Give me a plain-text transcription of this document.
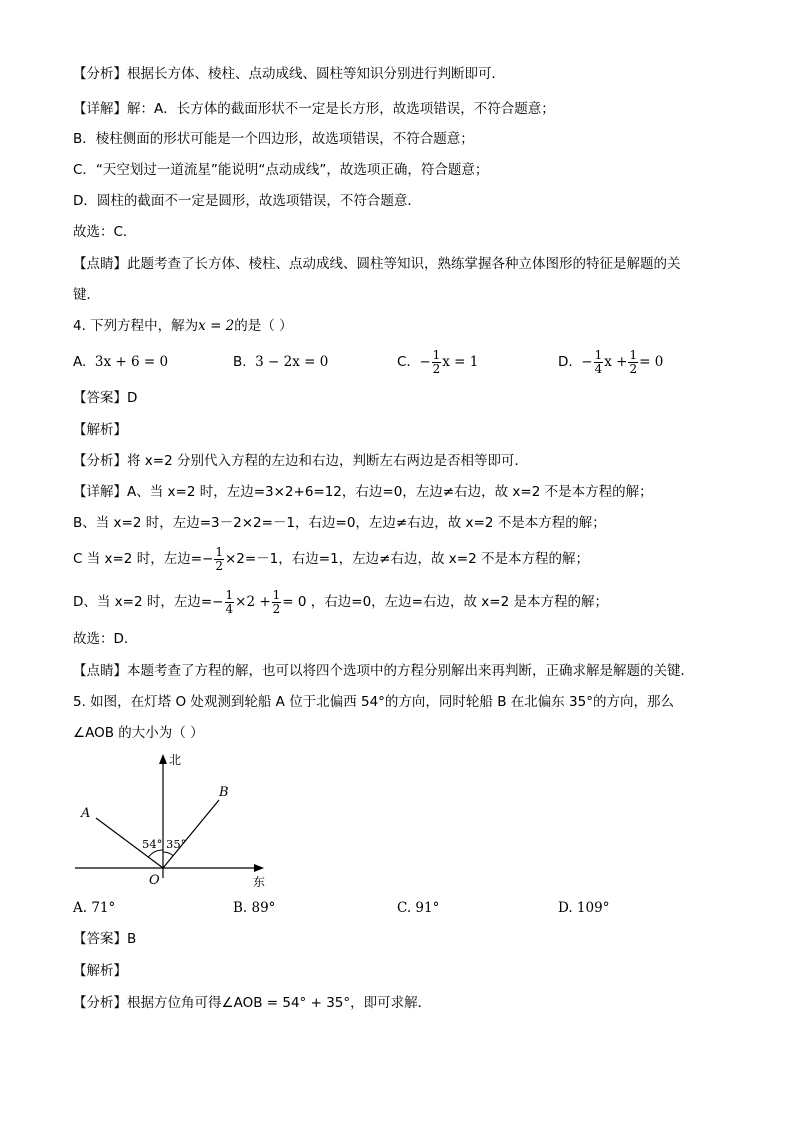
【分析】根据长方体、棱柱、点动成线、圆柱等知识分别进行判断即可．
【详解】解：A．长方体的截面形状不一定是长方形，故选项错误，不符合题意；
B．棱柱侧面的形状可能是一个四边形，故选项错误，不符合题意；
C．“天空划过一道流星”能说明“点动成线”，故选项正确，符合题意；
D．圆柱的截面不一定是圆形，故选项错误，不符合题意．
故选：C．
【点睛】此题考查了长方体、棱柱、点动成线、圆柱等知识，熟练掌握各种立体图形的特征是解题的关
键．
4. 下列方程中，解为x = 2的是（ ）
A. 3x + 6 = 0	B. 3 − 2x = 0	C. − $\frac{1}{2}$ x = 1	D. − $\frac{1}{4}$ $x + \frac{1}{2} = 0$
【答案】D
【解析】
【分析】将 x=2 分别代入方程的左边和右边，判断左右两边是否相等即可．
【详解】A、当 x=2 时，左边=3×2+6=12，右边=0，左边≠右边，故 x=2 不是本方程的解；
B、当 x=2 时，左边=3－2×2=－1，右边=0，左边≠右边，故 x=2 不是本方程的解；
C 当 x=2 时，左边=− $\frac{1}{2} \times 2=-1$，右边=1，左边≠右边，故 x=2 不是本方程的解；
D、当 x=2 时，左边=− $\frac{1}{4} \times 2 + \frac{1}{2} = 0$ ，右边=0，左边=右边，故 x=2 是本方程的解；
故选：D．
【点睛】本题考查了方程的解，也可以将四个选项中的方程分别解出来再判断，正确求解是解题的关键．
5. 如图，在灯塔 O 处观测到轮船 A 位于北偏西 54°的方向，同时轮船 B 在北偏东 35°的方向，那么
∠AOB 的大小为（ ）
北
东
A
B
O
54° 35°
A. 71°	B. 89°	C. 91°	D. 109°
【答案】B
【解析】
【分析】根据方位角可得∠AOB = 54° + 35°，即可求解．
